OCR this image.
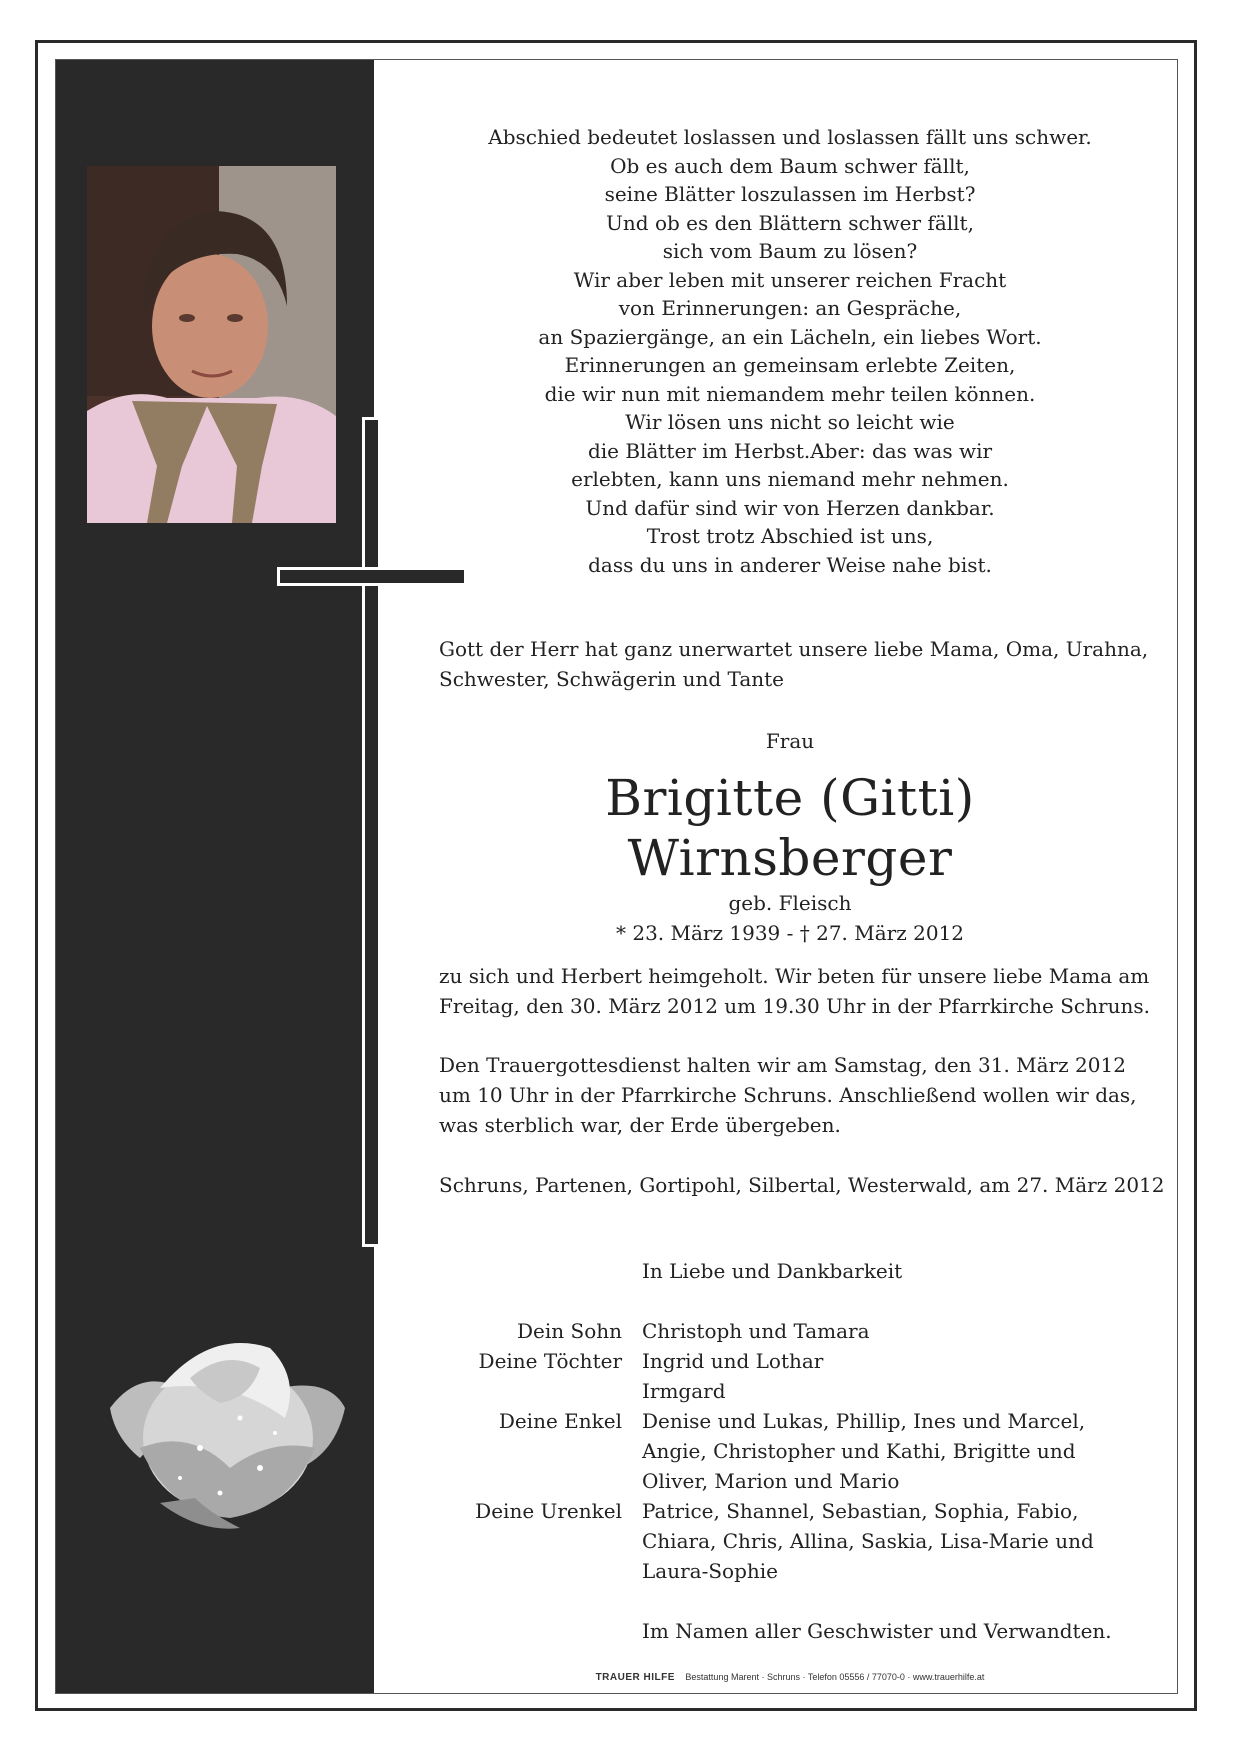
Abschied bedeutet loslassen und loslassen fällt uns schwer.
Ob es auch dem Baum schwer fällt,
seine Blätter loszulassen im Herbst?
Und ob es den Blättern schwer fällt,
sich vom Baum zu lösen?
Wir aber leben mit unserer reichen Fracht
von Erinnerungen: an Gespräche,
an Spaziergänge, an ein Lächeln, ein liebes Wort.
Erinnerungen an gemeinsam erlebte Zeiten,
die wir nun mit niemandem mehr teilen können.
Wir lösen uns nicht so leicht wie
die Blätter im Herbst.Aber: das was wir
erlebten, kann uns niemand mehr nehmen.
Und dafür sind wir von Herzen dankbar.
Trost trotz Abschied ist uns,
dass du uns in anderer Weise nahe bist.
Gott der Herr hat ganz unerwartet unsere liebe Mama, Oma, Urahna,
Schwester, Schwägerin und Tante
Frau
Brigitte (Gitti) Wirnsberger
geb. Fleisch
* 23. März 1939 - † 27. März 2012
zu sich und Herbert heimgeholt. Wir beten für unsere liebe Mama am
Freitag, den 30. März 2012 um 19.30 Uhr in der Pfarrkirche Schruns.
Den Trauergottesdienst halten wir am Samstag, den 31. März 2012
um 10 Uhr in der Pfarrkirche Schruns. Anschließend wollen wir das,
was sterblich war, der Erde übergeben.
Schruns, Partenen, Gortipohl, Silbertal, Westerwald, am 27. März 2012
In Liebe und Dankbarkeit
Dein Sohn	Christoph und Tamara
Deine Töchter	Ingrid und Lothar
Irmgard
Deine Enkel	Denise und Lukas, Phillip, Ines und Marcel,
Angie, Christopher und Kathi, Brigitte und
Oliver, Marion und Mario
Deine Urenkel	Patrice, Shannel, Sebastian, Sophia, Fabio,
Chiara, Chris, Allina, Saskia, Lisa-Marie und
Laura-Sophie
Im Namen aller Geschwister und Verwandten.
TRAUER HILFE Bestattung Marent · Schruns · Telefon 05556 / 77070-0 · www.trauerhilfe.at
